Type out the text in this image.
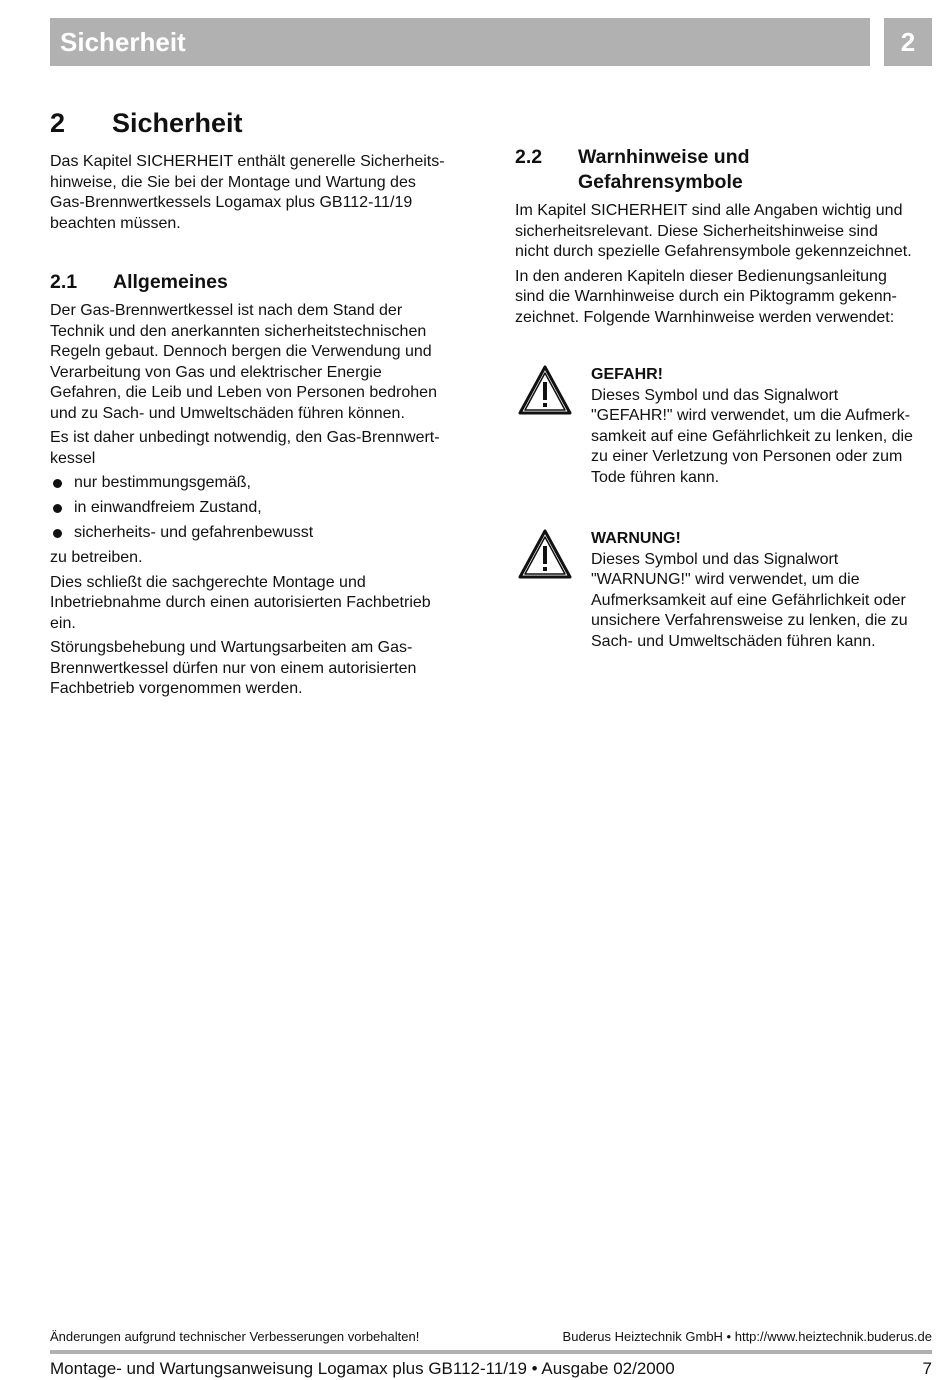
Sicherheit	2
2	Sicherheit

Das Kapitel SICHERHEIT enthält generelle Sicherheits-
hinweise, die Sie bei der Montage und Wartung des
Gas-Brennwertkessels Logamax plus GB112-11/19
beachten müssen.

2.1	Allgemeines

Der Gas-Brennwertkessel ist nach dem Stand der
Technik und den anerkannten sicherheitstechnischen
Regeln gebaut. Dennoch bergen die Verwendung und
Verarbeitung von Gas und elektrischer Energie
Gefahren, die Leib und Leben von Personen bedrohen
und zu Sach- und Umweltschäden führen können.

Es ist daher unbedingt notwendig, den Gas-Brennwert-
kessel

nur bestimmungsgemäß,
in einwandfreiem Zustand,
sicherheits- und gefahrenbewusst

zu betreiben.

Dies schließt die sachgerechte Montage und
Inbetriebnahme durch einen autorisierten Fachbetrieb
ein.

Störungsbehebung und Wartungsarbeiten am Gas-
Brennwertkessel dürfen nur von einem autorisierten
Fachbetrieb vorgenommen werden.

2.2	Warnhinweise und
Gefahrensymbole

Im Kapitel SICHERHEIT sind alle Angaben wichtig und
sicherheitsrelevant. Diese Sicherheitshinweise sind
nicht durch spezielle Gefahrensymbole gekennzeichnet.

In den anderen Kapiteln dieser Bedienungsanleitung
sind die Warnhinweise durch ein Piktogramm gekenn-
zeichnet. Folgende Warnhinweise werden verwendet:

GEFAHR!

Dieses Symbol und das Signalwort
"GEFAHR!" wird verwendet, um die Aufmerk-
samkeit auf eine Gefährlichkeit zu lenken, die
zu einer Verletzung von Personen oder zum
Tode führen kann.

WARNUNG!

Dieses Symbol und das Signalwort
"WARNUNG!" wird verwendet, um die
Aufmerksamkeit auf eine Gefährlichkeit oder
unsichere Verfahrensweise zu lenken, die zu
Sach- und Umweltschäden führen kann.

Änderungen aufgrund technischer Verbesserungen vorbehalten!	Buderus Heiztechnik GmbH • http://www.heiztechnik.buderus.de
Montage- und Wartungsanweisung Logamax plus GB112-11/19 • Ausgabe 02/2000	7
